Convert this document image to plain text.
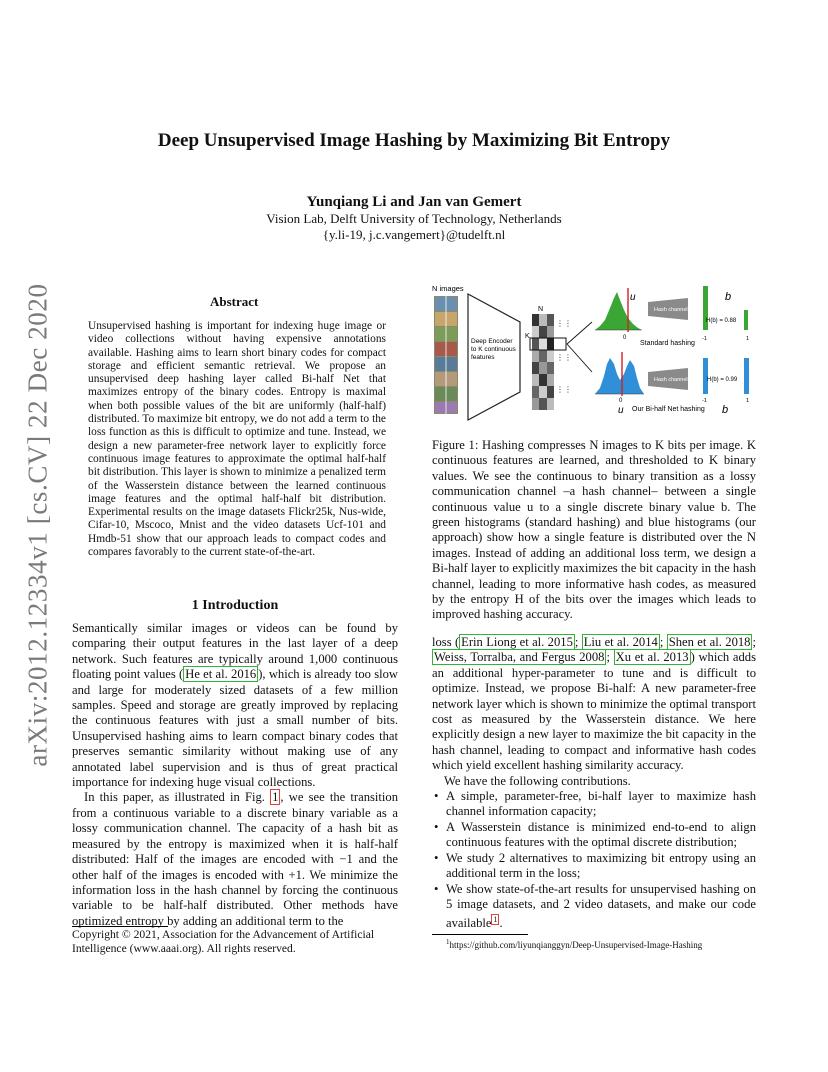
Deep Unsupervised Image Hashing by Maximizing Bit Entropy
Yunqiang Li and Jan van Gemert
Vision Lab, Delft University of Technology, Netherlands
{y.li-19, j.c.vangemert}@tudelft.nl
arXiv:2012.12334v1 [cs.CV] 22 Dec 2020	Abstract
Unsupervised hashing is important for indexing huge image or video collections without having expensive annotations available. Hashing aims to learn short binary codes for compact storage and efficient semantic retrieval. We propose an unsupervised deep hashing layer called Bi-half Net that maximizes entropy of the binary codes. Entropy is maximal when both possible values of the bit are uniformly (half-half) distributed. To maximize bit entropy, we do not add a term to the loss function as this is difficult to optimize and tune. Instead, we design a new parameter-free network layer to explicitly force continuous image features to approximate the optimal half-half bit distribution. This layer is shown to minimize a penalized term of the Wasserstein distance between the learned continuous image features and the optimal half-half bit distribution. Experimental results on the image datasets Flickr25k, Nus-wide, Cifar-10, Mscoco, Mnist and the video datasets Ucf-101 and Hmdb-51 show that our approach leads to compact codes and compares favorably to the current state-of-the-art.
1 Introduction

Semantically similar images or videos can be found by comparing their output features in the last layer of a deep network. Such features are typically around 1,000 continuous floating point values ( He et al. 2016 ), which is already too slow and large for moderately sized datasets of a few million samples. Speed and storage are greatly improved by replacing the continuous features with just a small number of bits. Unsupervised hashing aims to learn compact binary codes that preserves semantic similarity without making use of any annotated label supervision and is thus of great practical importance for indexing huge visual collections.

In this paper, as illustrated in Fig. 1 , we see the transition from a continuous variable to a discrete binary variable as a lossy communication channel. The capacity of a hash bit as measured by the entropy is maximized when it is half-half distributed: Half of the images are encoded with −1 and the other half of the images is encoded with +1. We minimize the information loss in the hash channel by forcing the continuous variable to be half-half distributed. Other methods have optimized entropy by adding an additional term to the

Copyright © 2021, Association for the Advancement of Artificial Intelligence (www.aaai.org). All rights reserved.
N images
Deep Encoder
to K continuous
features
N
K
⋮⋮
⋮⋮
⋮⋮
u
0
Hash channel
b
H(b) = 0.88
-1	1
Standard hashing
0
u
Hash channel	H(b) = 0.99
-1	1
Our Bi-half Net hashing b
Figure 1: Hashing compresses N images to K bits per image. K continuous features are learned, and thresholded to K binary values. We see the continuous to binary transition as a lossy communication channel –a hash channel– between a single continuous value u to a single discrete binary value b. The green histograms (standard hashing) and blue histograms (our approach) show how a single feature is distributed over the N images. Instead of adding an additional loss term, we design a Bi-half layer to explicitly maximizes the bit capacity in the hash channel, leading to more informative hash codes, as measured by the entropy H of the bits over the images which leads to improved hashing accuracy.

loss ( Erin Liong et al. 2015 ; Liu et al. 2014 ; Shen et al. 2018 ; Weiss, Torralba, and Fergus 2008 ; Xu et al. 2013 ) which adds an additional hyper-parameter to tune and is difficult to optimize. Instead, we propose Bi-half: A new parameter-free network layer which is shown to minimize the optimal transport cost as measured by the Wasserstein distance. We here explicitly design a new layer to maximize the bit capacity in the hash channel, leading to compact and informative hash codes which yield excellent hashing similarity accuracy.

We have the following contributions.

• A simple, parameter-free, bi-half layer to maximize hash channel information capacity;
• A Wasserstein distance is minimized end-to-end to align continuous features with the optimal discrete distribution;
• We study 2 alternatives to maximizing bit entropy using an additional term in the loss;
• We show state-of-the-art results for unsupervised hashing on 5 image datasets, and 2 video datasets, and make our code available $^1$ .
$^1$https://github.com/liyunqianggyn/Deep-Unsupervised-Image-Hashing
